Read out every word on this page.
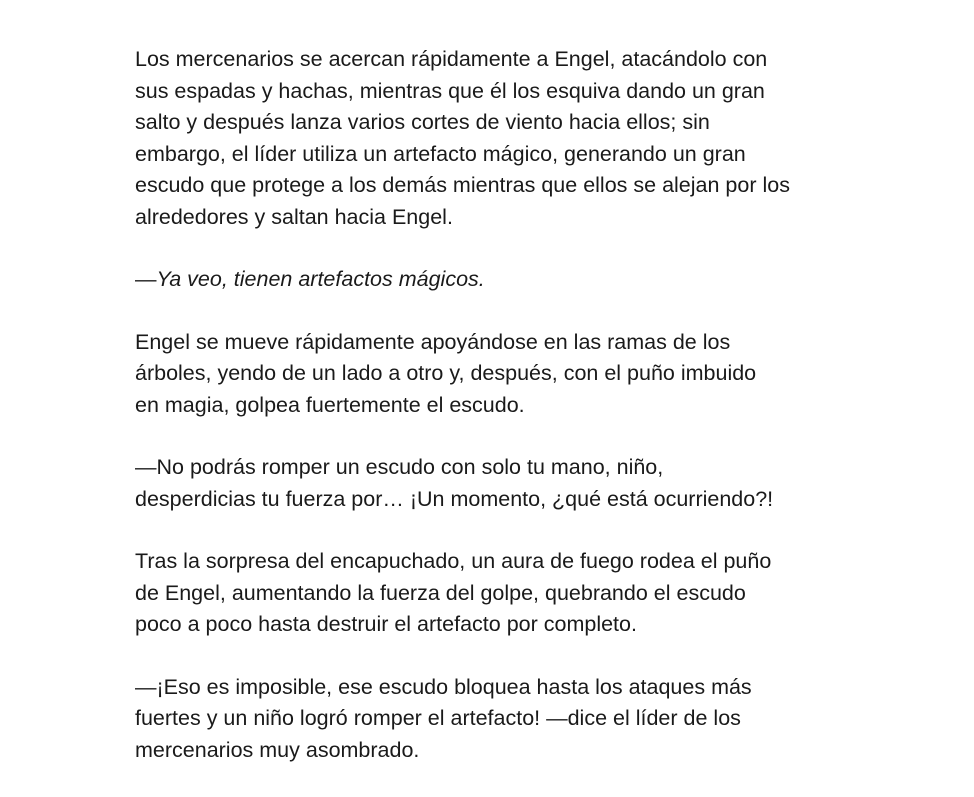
Los mercenarios se acercan rápidamente a Engel, atacándolo con
sus espadas y hachas, mientras que él los esquiva dando un gran
salto y después lanza varios cortes de viento hacia ellos; sin
embargo, el líder utiliza un artefacto mágico, generando un gran
escudo que protege a los demás mientras que ellos se alejan por los
alrededores y saltan hacia Engel.

—Ya veo, tienen artefactos mágicos.

Engel se mueve rápidamente apoyándose en las ramas de los
árboles, yendo de un lado a otro y, después, con el puño imbuido
en magia, golpea fuertemente el escudo.

—No podrás romper un escudo con solo tu mano, niño,
desperdicias tu fuerza por… ¡Un momento, ¿qué está ocurriendo?!

Tras la sorpresa del encapuchado, un aura de fuego rodea el puño
de Engel, aumentando la fuerza del golpe, quebrando el escudo
poco a poco hasta destruir el artefacto por completo.

—¡Eso es imposible, ese escudo bloquea hasta los ataques más
fuertes y un niño logró romper el artefacto! —dice el líder de los
mercenarios muy asombrado.
